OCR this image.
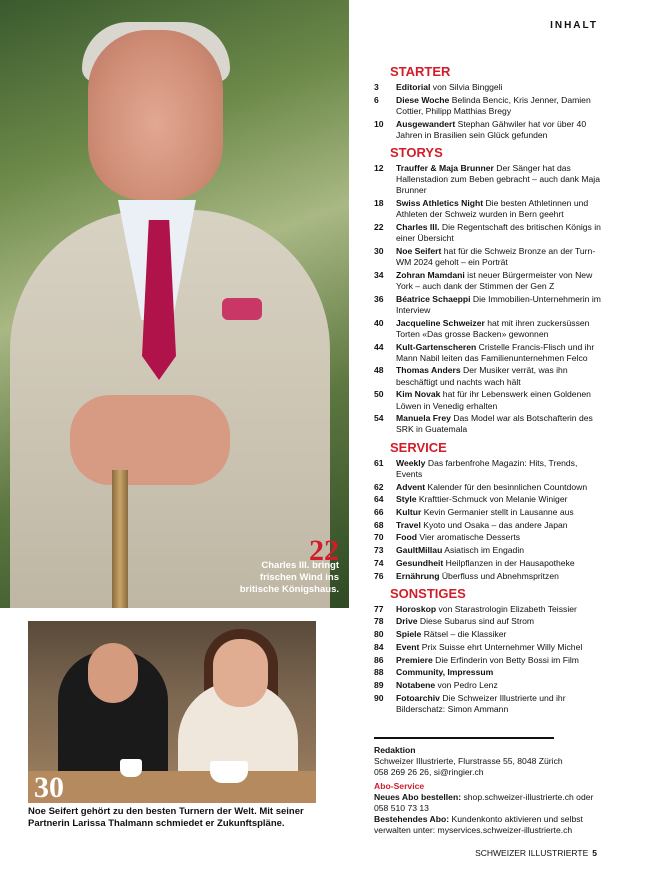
INHALT
22
Charles III. bringt frischen Wind ins britische Königshaus.
30
Noe Seifert gehört zu den besten Turnern der Welt. Mit seiner Partnerin Larissa Thalmann schmiedet er Zukunftspläne.
STARTER
3	Editorial von Silvia Binggeli
6	Diese Woche Belinda Bencic, Kris Jenner, Damien Cottier, Philipp Matthias Bregy
10	Ausgewandert Stephan Gähwiler hat vor über 40 Jahren in Brasilien sein Glück gefunden
STORYS
12	Trauffer & Maja Brunner Der Sänger hat das Hallenstadion zum Beben gebracht – auch dank Maja Brunner
18	Swiss Athletics Night Die besten Athletinnen und Athleten der Schweiz wurden in Bern geehrt
22	Charles III. Die Regentschaft des britischen Königs in einer Übersicht
30	Noe Seifert hat für die Schweiz Bronze an der Turn-WM 2024 geholt – ein Porträt
34	Zohran Mamdani ist neuer Bürgermeister von New York – auch dank der Stimmen der Gen Z
36	Béatrice Schaeppi Die Immobilien-Unternehmerin im Interview
40	Jacqueline Schweizer hat mit ihren zuckersüssen Torten «Das grosse Backen» gewonnen
44	Kult-Gartenscheren Cristelle Francis-Flisch und ihr Mann Nabil leiten das Familienunternehmen Felco
48	Thomas Anders Der Musiker verrät, was ihn beschäftigt und nachts wach hält
50	Kim Novak hat für ihr Lebenswerk einen Goldenen Löwen in Venedig erhalten
54	Manuela Frey Das Model war als Botschafterin des SRK in Guatemala
SERVICE
61	Weekly Das farbenfrohe Magazin: Hits, Trends, Events
62	Advent Kalender für den besinnlichen Countdown
64	Style Krafttier-Schmuck von Melanie Winiger
66	Kultur Kevin Germanier stellt in Lausanne aus
68	Travel Kyoto und Osaka – das andere Japan
70	Food Vier aromatische Desserts
73	GaultMillau Asiatisch im Engadin
74	Gesundheit Heilpflanzen in der Hausapotheke
76	Ernährung Überfluss und Abnehmspritzen
SONSTIGES
77	Horoskop von Starastrologin Elizabeth Teissier
78	Drive Diese Subarus sind auf Strom
80	Spiele Rätsel – die Klassiker
84	Event Prix Suisse ehrt Unternehmer Willy Michel
86	Premiere Die Erfinderin von Betty Bossi im Film
88	Community, Impressum
89	Notabene von Pedro Lenz
90	Fotoarchiv Die Schweizer Illustrierte und ihr Bilderschatz: Simon Ammann
Redaktion
Schweizer Illustrierte, Flurstrasse 55, 8048 Zürich
058 269 26 26, si@ringier.ch
Abo-Service
Neues Abo bestellen: shop.schweizer-illustrierte.ch oder 058 510 73 13
Bestehendes Abo: Kundenkonto aktivieren und selbst verwalten unter: myservices.schweizer-illustrierte.ch
SCHWEIZER ILLUSTRIERTE 5
